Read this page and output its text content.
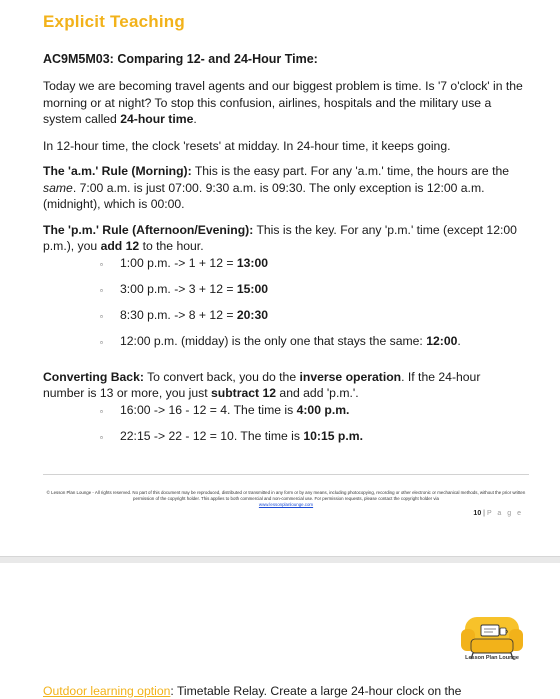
Explicit Teaching
AC9M5M03: Comparing 12- and 24-Hour Time:

Today we are becoming travel agents and our biggest problem is time. Is '7 o'clock' in the morning or at night? To stop this confusion, airlines, hospitals and the military use a system called 24-hour time.

In 12-hour time, the clock 'resets' at midday. In 24-hour time, it keeps going.

The 'a.m.' Rule (Morning): This is the easy part. For any 'a.m.' time, the hours are the same. 7:00 a.m. is just 07:00. 9:30 a.m. is 09:30. The only exception is 12:00 a.m. (midnight), which is 00:00.

The 'p.m.' Rule (Afternoon/Evening): This is the key. For any 'p.m.' time (except 12:00 p.m.), you add 12 to the hour.

▫ 1:00 p.m. -> 1 + 12 = 13:00
▫ 3:00 p.m. -> 3 + 12 = 15:00
▫ 8:30 p.m. -> 8 + 12 = 20:30
▫ 12:00 p.m. (midday) is the only one that stays the same: 12:00.

Converting Back: To convert back, you do the inverse operation. If the 24-hour number is 13 or more, you just subtract 12 and add 'p.m.'.

▫ 16:00 -> 16 - 12 = 4. The time is 4:00 p.m.
▫ 22:15 -> 22 - 12 = 10. The time is 10:15 p.m.
© Lesson Plan Lounge - All rights reserved. No part of this document may be reproduced, distributed or transmitted in any form or by any means, including photocopying, recording or other electronic or mechanical methods, without the prior written permission of the copyright holder. This applies to both commercial and non-commercial use. For permission requests, please contact the copyright holder via
www.lessonplanlounge.com
10 | P a g e
Lesson Plan Lounge
Outdoor learning option: Timetable Relay. Create a large 24-hour clock on the
